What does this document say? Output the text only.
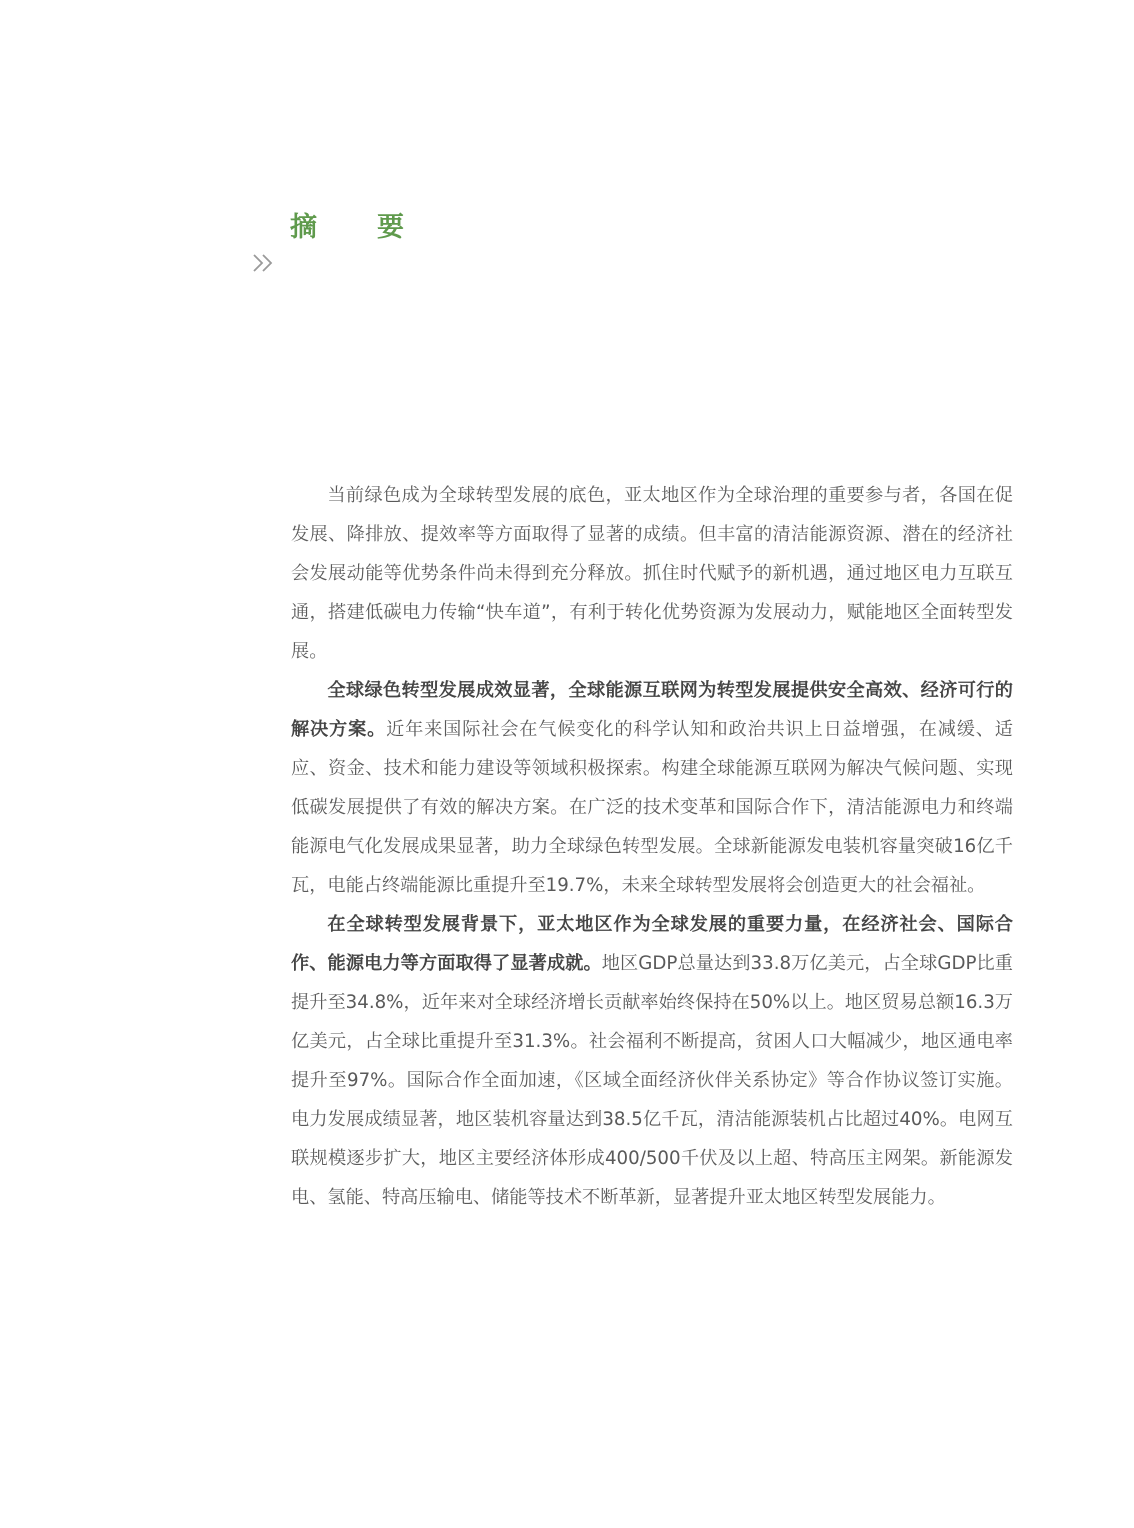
摘 要

当前绿色成为全球转型发展的底色，亚太地区作为全球治理的重要参与者，各国在促发展、降排放、提效率等方面取得了显著的成绩。但丰富的清洁能源资源、潜在的经济社会发展动能等优势条件尚未得到充分释放。抓住时代赋予的新机遇，通过地区电力互联互通，搭建低碳电力传输“快车道”，有利于转化优势资源为发展动力，赋能地区全面转型发展。

全球绿色转型发展成效显著，全球能源互联网为转型发展提供安全高效、经济可行的解决方案。近年来国际社会在气候变化的科学认知和政治共识上日益增强，在减缓、适应、资金、技术和能力建设等领域积极探索。构建全球能源互联网为解决气候问题、实现低碳发展提供了有效的解决方案。在广泛的技术变革和国际合作下，清洁能源电力和终端能源电气化发展成果显著，助力全球绿色转型发展。全球新能源发电装机容量突破16亿千瓦，电能占终端能源比重提升至19.7%，未来全球转型发展将会创造更大的社会福祉。

在全球转型发展背景下，亚太地区作为全球发展的重要力量，在经济社会、国际合作、能源电力等方面取得了显著成就。地区GDP总量达到33.8万亿美元，占全球GDP比重提升至34.8%，近年来对全球经济增长贡献率始终保持在50%以上。地区贸易总额16.3万亿美元，占全球比重提升至31.3%。社会福利不断提高，贫困人口大幅减少，地区通电率提升至97%。国际合作全面加速，《区域全面经济伙伴关系协定》等合作协议签订实施。电力发展成绩显著，地区装机容量达到38.5亿千瓦，清洁能源装机占比超过40%。电网互联规模逐步扩大，地区主要经济体形成400/500千伏及以上超、特高压主网架。新能源发电、氢能、特高压输电、储能等技术不断革新，显著提升亚太地区转型发展能力。
